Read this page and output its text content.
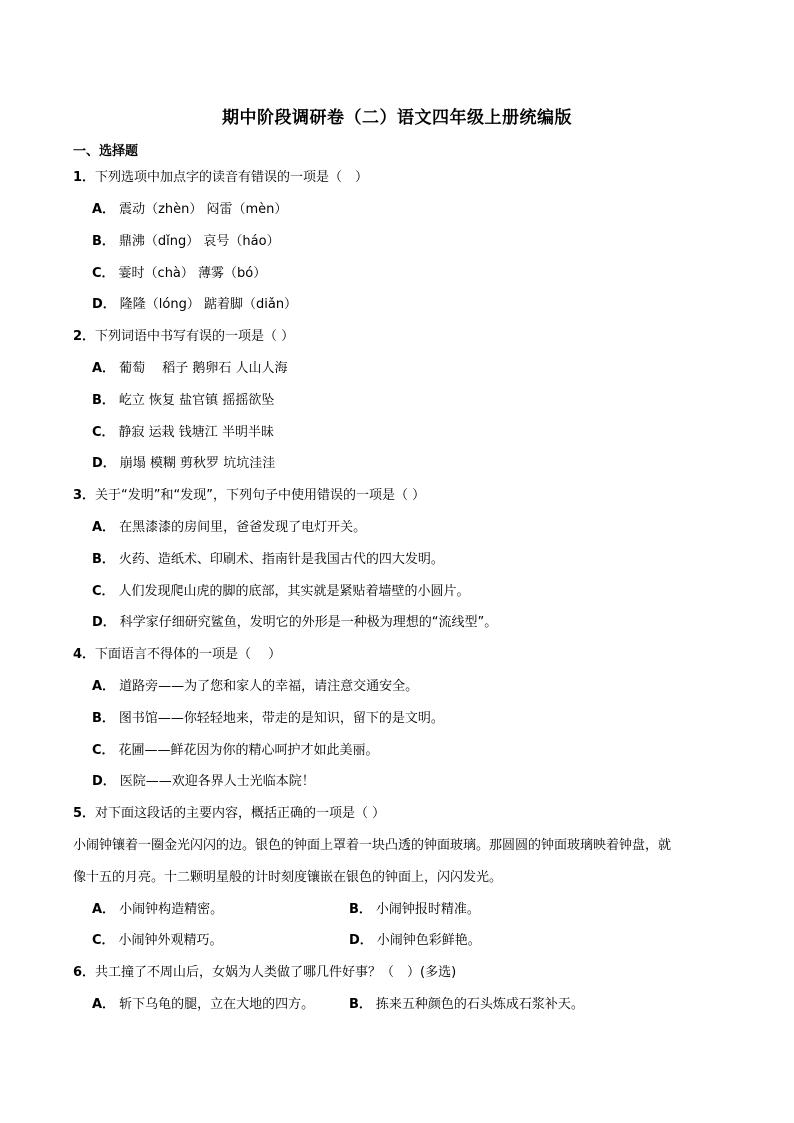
期中阶段调研卷（二）语文四年级上册统编版
一、选择题
1．下列选项中加点字的读音有错误的一项是（　）
A． 震动（zhèn） 闷雷（mèn）
B． 鼎沸（dǐng） 哀号（háo）
C． 霎时（chà） 薄雾（bó）
D． 隆隆（lóng） 踮着脚（diǎn）
2．下列词语中书写有误的一项是（ ）
A． 葡萄　 稻子 鹅卵石 人山人海
B． 屹立 恢复 盐官镇 摇摇欲坠
C． 静寂 运栽 钱塘江 半明半昧
D． 崩塌 模糊 剪秋罗 坑坑洼洼
3．关于“发明”和“发现”，下列句子中使用错误的一项是（ ）
A． 在黑漆漆的房间里，爸爸发现了电灯开关。
B． 火药、造纸术、印刷术、指南针是我国古代的四大发明。
C． 人们发现爬山虎的脚的底部，其实就是紧贴着墙壁的小圆片。
D． 科学家仔细研究鲨鱼，发明它的外形是一种极为理想的“流线型”。
4．下面语言不得体的一项是（　 ）
A． 道路旁——为了您和家人的幸福，请注意交通安全。
B． 图书馆——你轻轻地来，带走的是知识，留下的是文明。
C． 花圃——鲜花因为你的精心呵护才如此美丽。
D． 医院——欢迎各界人士光临本院！
5．对下面这段话的主要内容，概括正确的一项是（ ）
小闹钟镶着一圈金光闪闪的边。银色的钟面上罩着一块凸透的钟面玻璃。那圆圆的钟面玻璃映着钟盘，就
像十五的月亮。十二颗明星般的计时刻度镶嵌在银色的钟面上，闪闪发光。
A． 小闹钟构造精密。	B． 小闹钟报时精准。
C． 小闹钟外观精巧。	D． 小闹钟色彩鲜艳。
6．共工撞了不周山后，女娲为人类做了哪几件好事？（　）(多选)
A． 斩下乌龟的腿，立在大地的四方。	B． 拣来五种颜色的石头炼成石浆补天。
